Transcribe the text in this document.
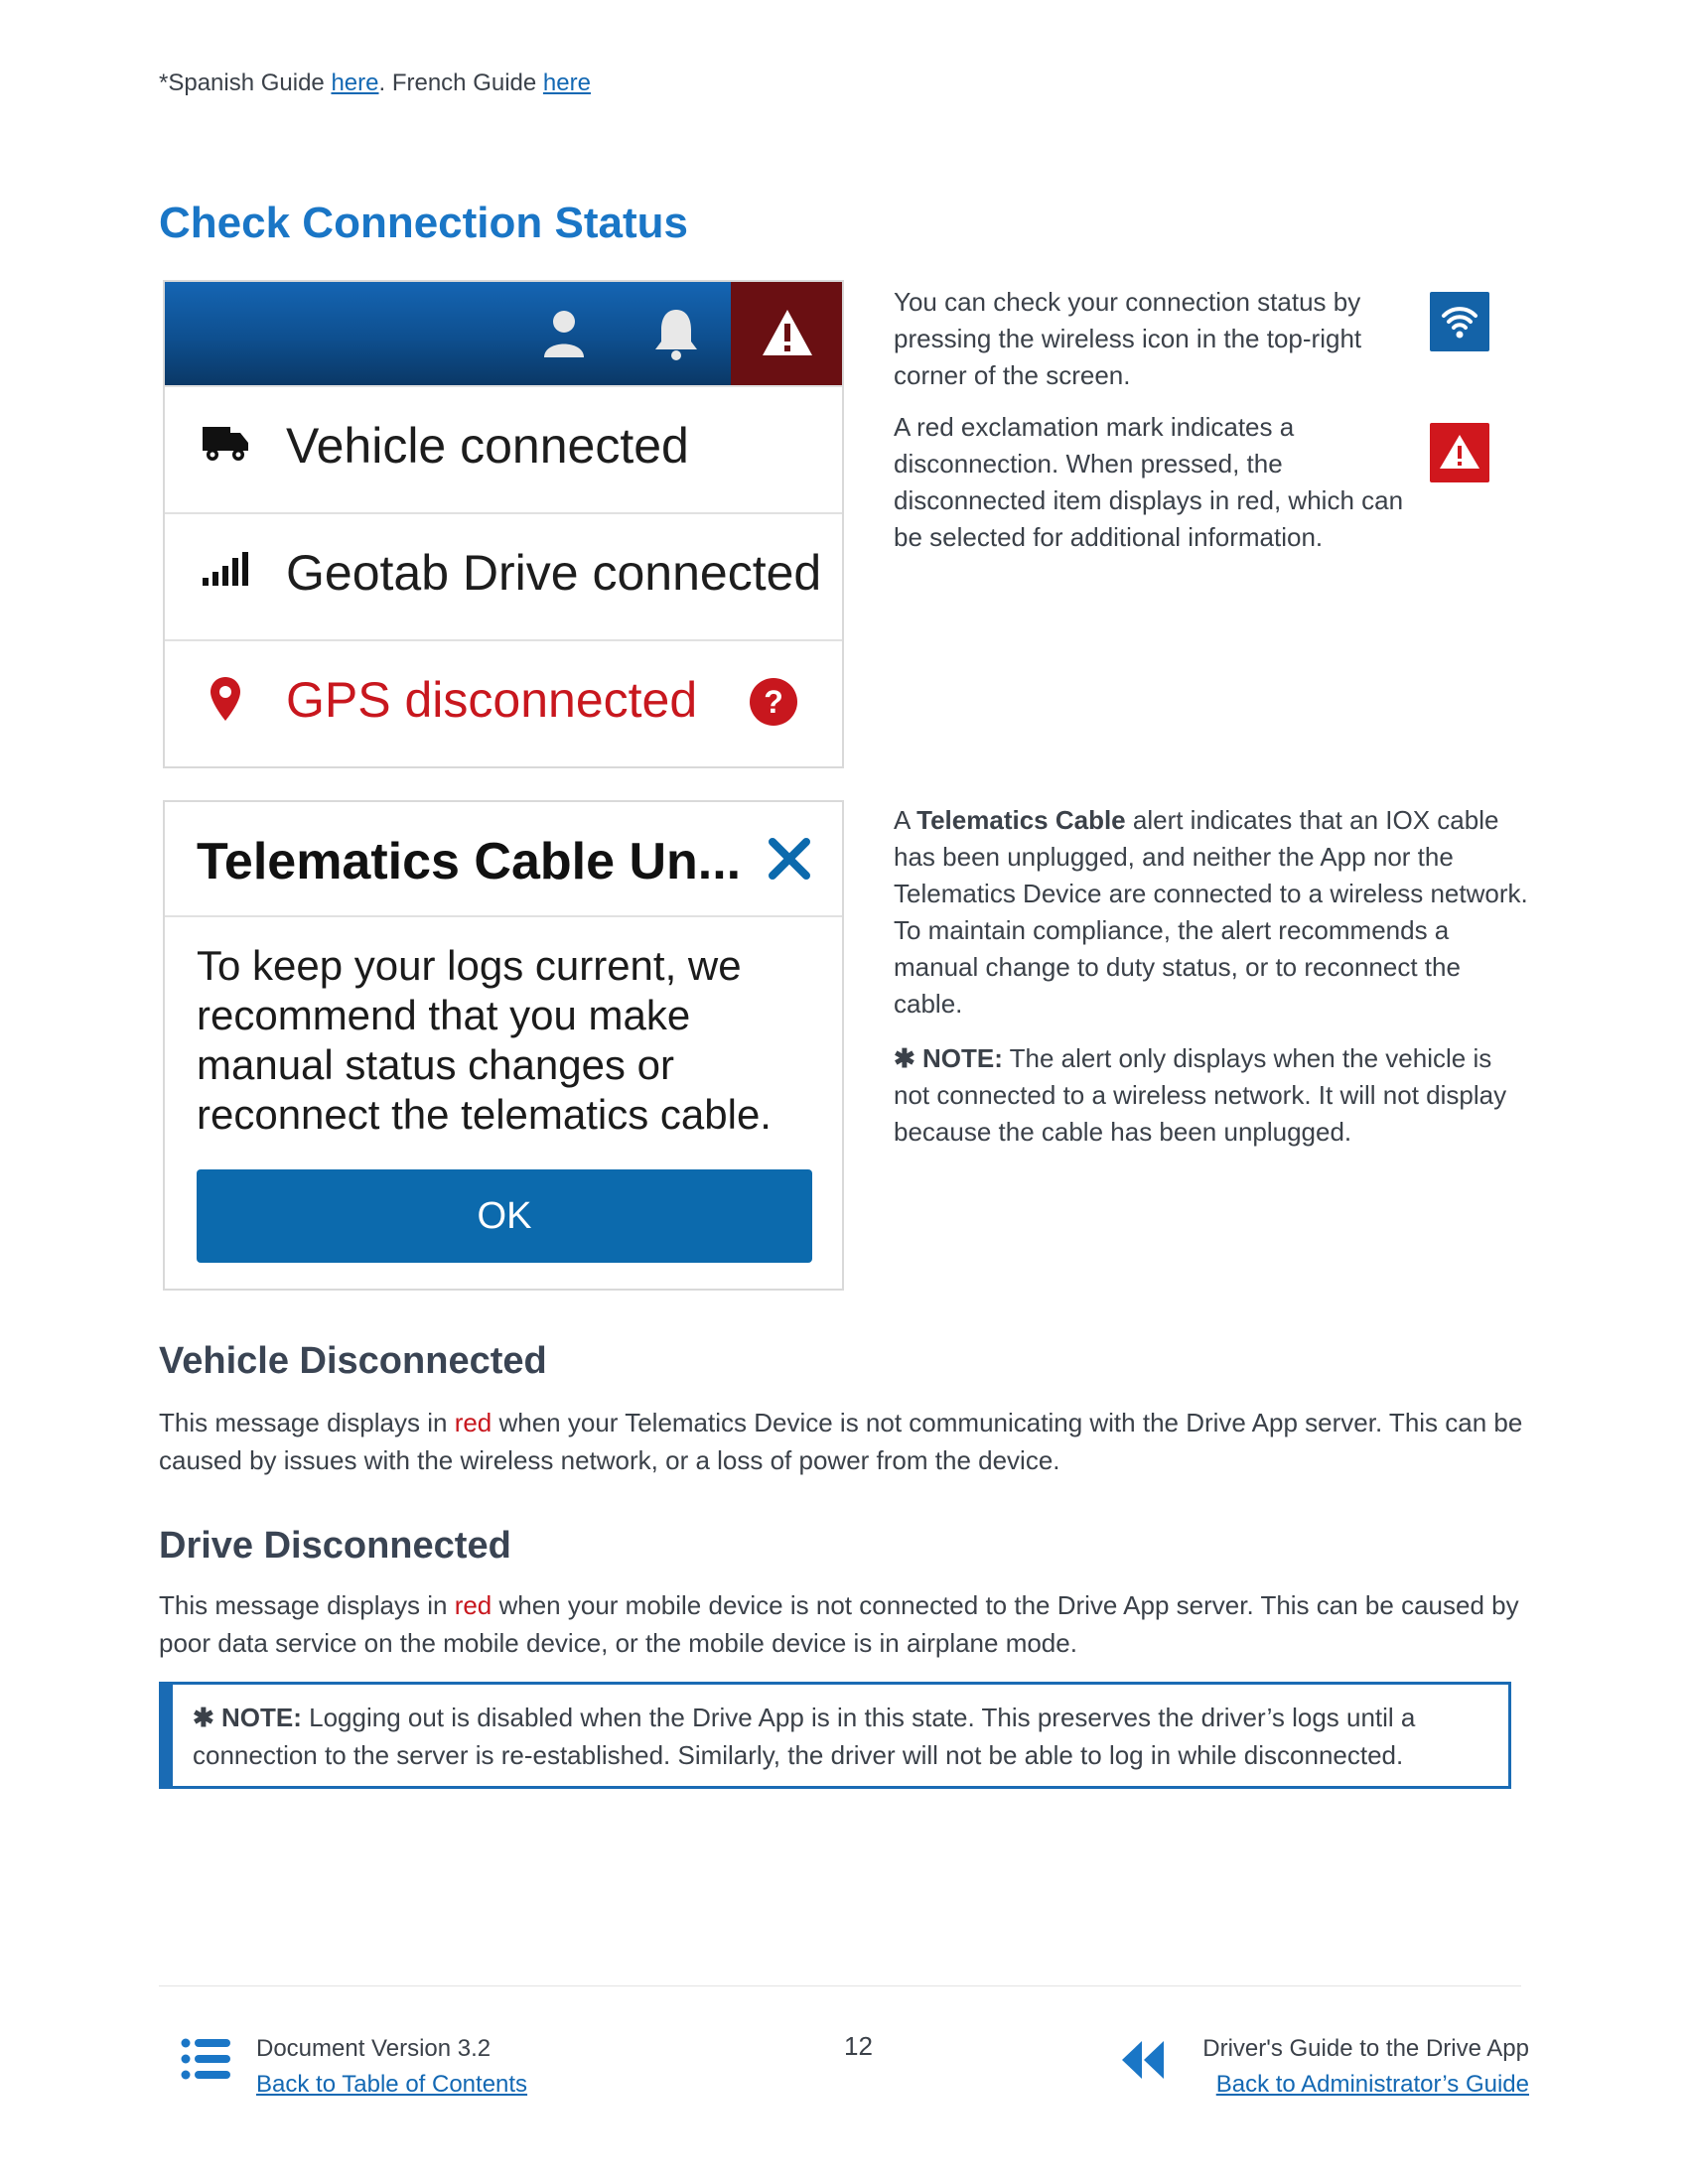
*Spanish Guide here. French Guide here
Check Connection Status
Vehicle connected
Geotab Drive connected
GPS disconnected ?
Telematics Cable Un...
To keep your logs current, we recommend that you make manual status changes or reconnect the telematics cable.
OK
You can check your connection status by pressing the wireless icon in the top-right corner of the screen.
A red exclamation mark indicates a disconnection. When pressed, the disconnected item displays in red, which can be selected for additional information.
A Telematics Cable alert indicates that an IOX cable has been unplugged, and neither the App nor the Telematics Device are connected to a wireless network. To maintain compliance, the alert recommends a manual change to duty status, or to reconnect the cable.
✱ NOTE: The alert only displays when the vehicle is not connected to a wireless network. It will not display because the cable has been unplugged.
Vehicle Disconnected
This message displays in red when your Telematics Device is not communicating with the Drive App server. This can be caused by issues with the wireless network, or a loss of power from the device.
Drive Disconnected
This message displays in red when your mobile device is not connected to the Drive App server. This can be caused by poor data service on the mobile device, or the mobile device is in airplane mode.
✱ NOTE: Logging out is disabled when the Drive App is in this state. This preserves the driver’s logs until a connection to the server is re-established. Similarly, the driver will not be able to log in while disconnected.
Document Version 3.2
Back to Table of Contents
12	Driver's Guide to the Drive App
Back to Administrator’s Guide
